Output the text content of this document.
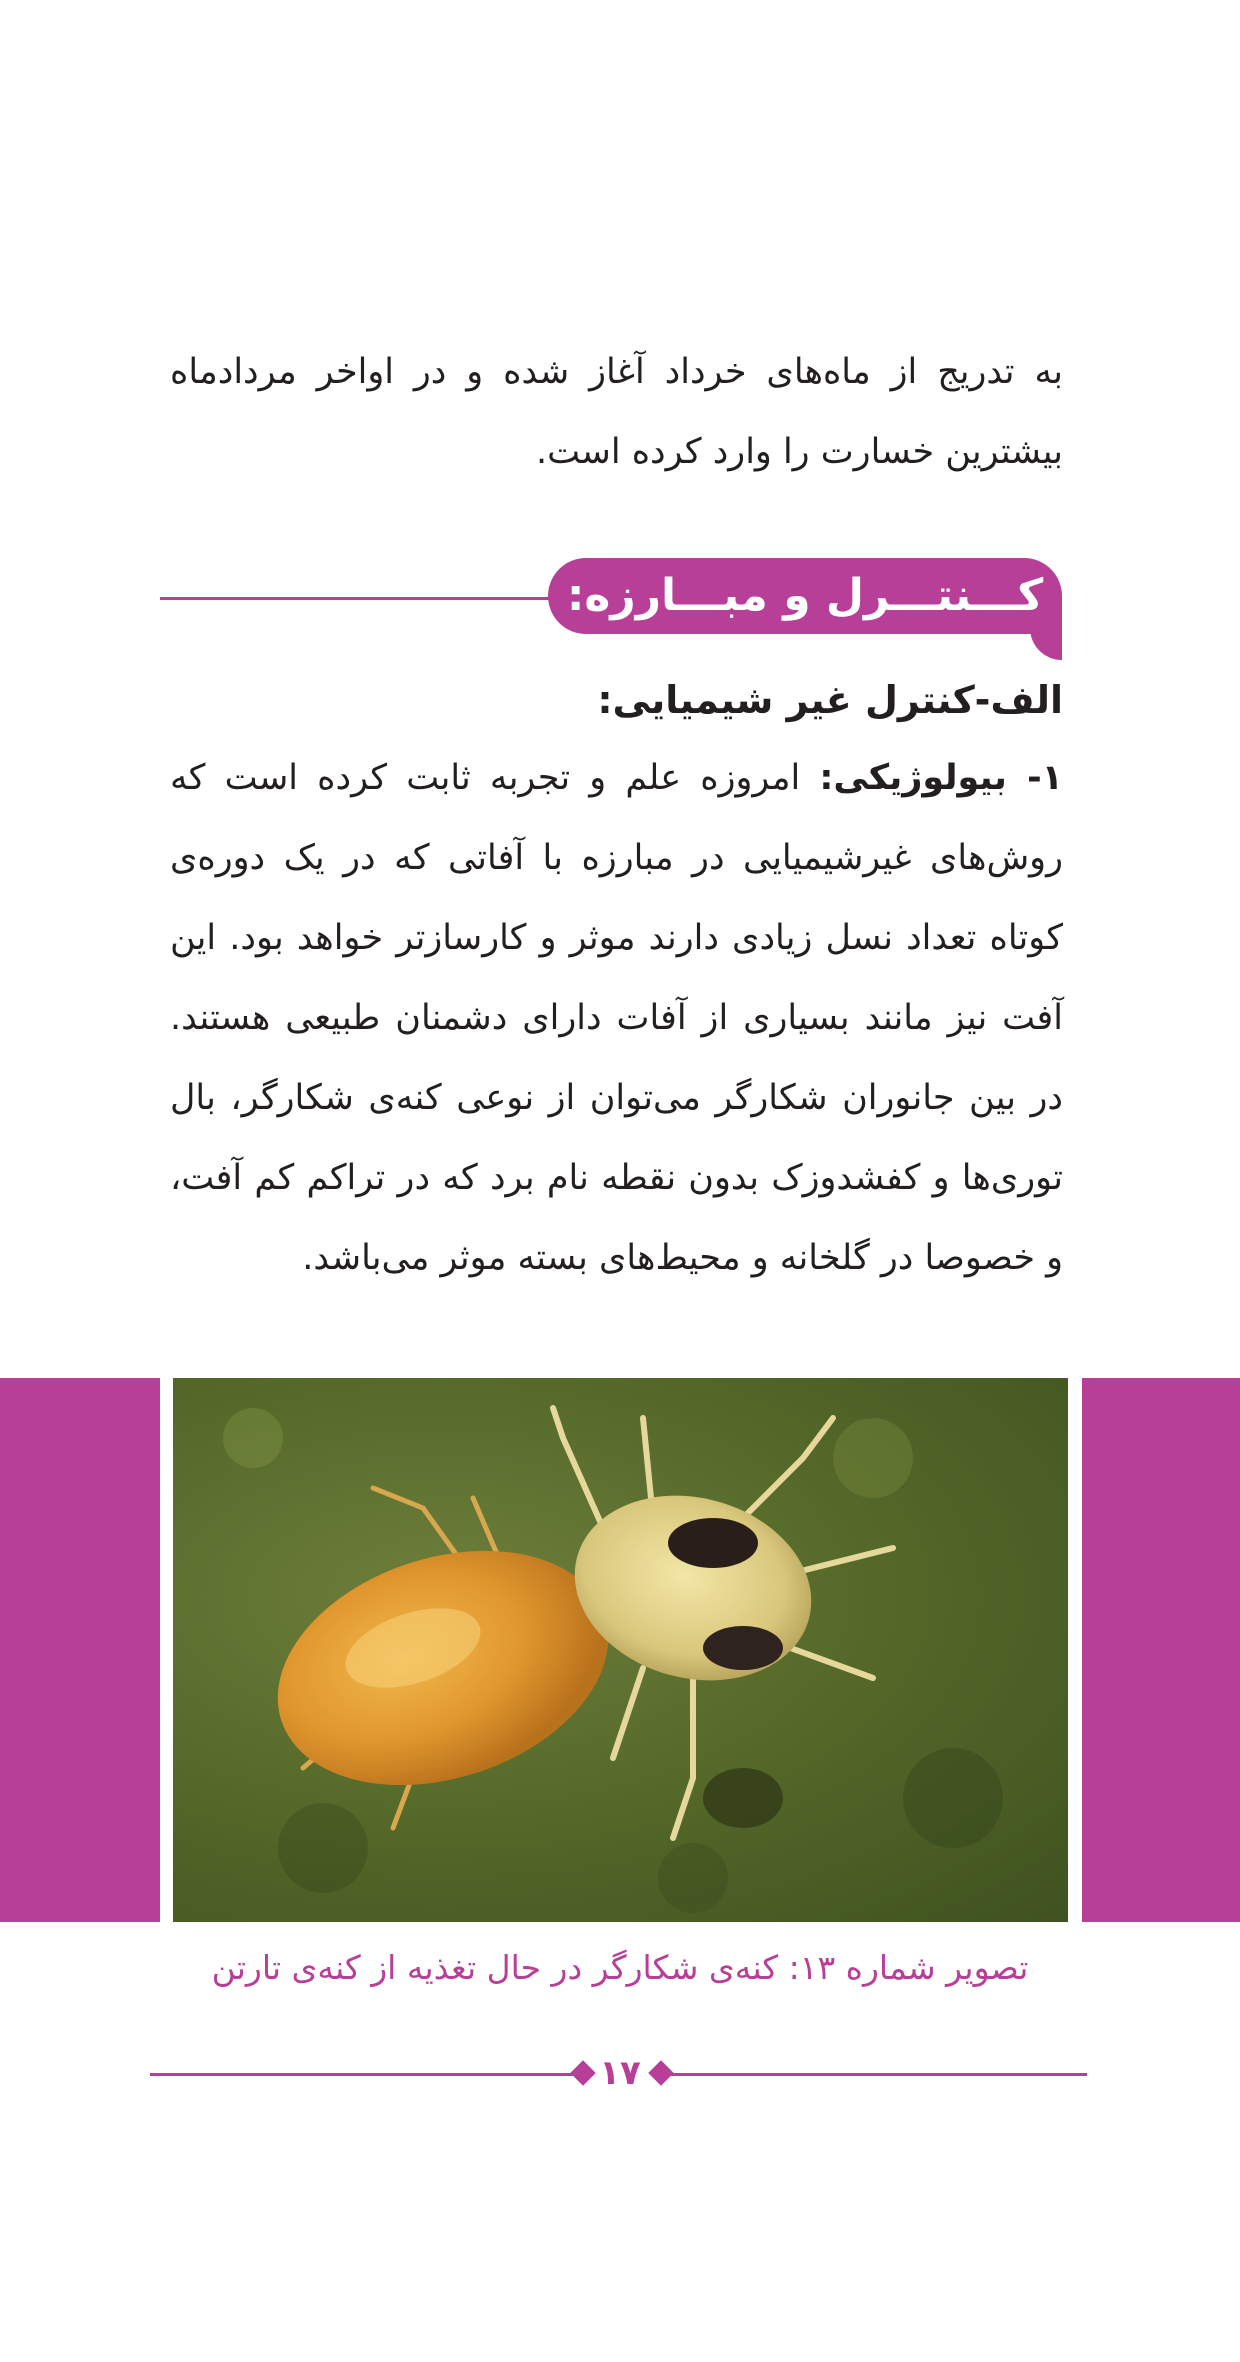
به تدریج از ماه‌های خرداد آغاز شده و در اواخر مردادماه بیشترین خسارت را وارد کرده است.

کـــنتـــرل و مبـــارزه:
الف-کنترل غیر شیمیایی:

۱- بیولوژیکی: امروزه علم و تجربه ثابت کرده است که روش‌های غیرشیمیایی در مبارزه با آفاتی که در یک دوره‌ی کوتاه تعداد نسل زیادی دارند موثر و کارسازتر خواهد بود. این آفت نیز مانند بسیاری از آفات دارای دشمنان طبیعی هستند. در بین جانوران شکارگر می‌توان از نوعی کنه‌ی شکارگر، بال توری‌ها و کفشدوزک بدون نقطه نام برد که در تراکم کم آفت، و خصوصا در گلخانه و محیط‌های بسته موثر می‌باشد.

تصویر شماره ۱۳: کنه‌ی شکارگر در حال تغذیه از کنه‌ی تارتن
۱۷
